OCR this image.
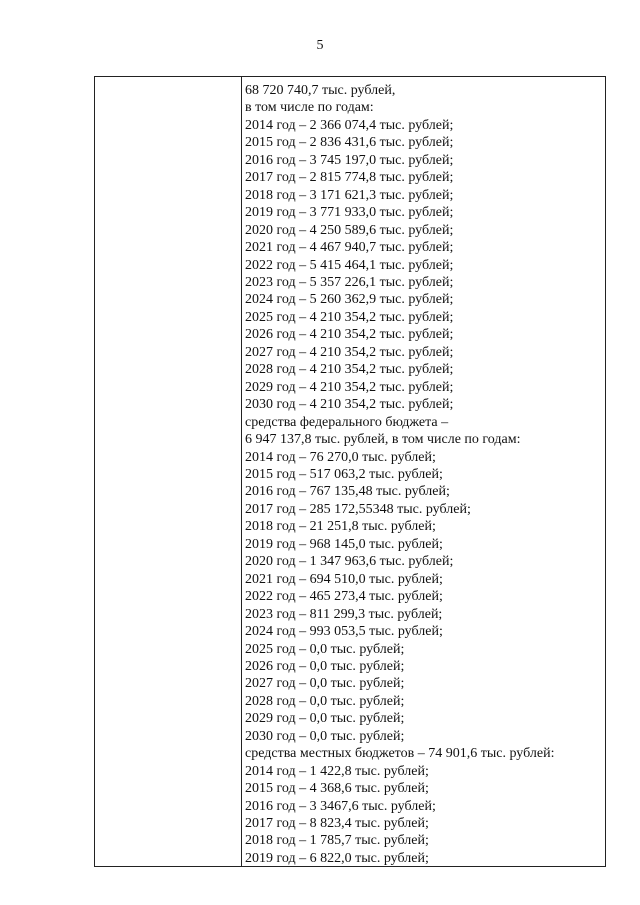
5
68 720 740,7 тыс. рублей,
в том числе по годам:
2014 год – 2 366 074,4 тыс. рублей;
2015 год – 2 836 431,6 тыс. рублей;
2016 год – 3 745 197,0 тыс. рублей;
2017 год – 2 815 774,8 тыс. рублей;
2018 год – 3 171 621,3 тыс. рублей;
2019 год – 3 771 933,0 тыс. рублей;
2020 год – 4 250 589,6 тыс. рублей;
2021 год – 4 467 940,7 тыс. рублей;
2022 год – 5 415 464,1 тыс. рублей;
2023 год – 5 357 226,1 тыс. рублей;
2024 год – 5 260 362,9 тыс. рублей;
2025 год – 4 210 354,2 тыс. рублей;
2026 год – 4 210 354,2 тыс. рублей;
2027 год – 4 210 354,2 тыс. рублей;
2028 год – 4 210 354,2 тыс. рублей;
2029 год – 4 210 354,2 тыс. рублей;
2030 год – 4 210 354,2 тыс. рублей;
средства федерального бюджета –
6 947 137,8 тыс. рублей, в том числе по годам:
2014 год – 76 270,0 тыс. рублей;
2015 год – 517 063,2 тыс. рублей;
2016 год – 767 135,48 тыс. рублей;
2017 год – 285 172,55348 тыс. рублей;
2018 год – 21 251,8 тыс. рублей;
2019 год – 968 145,0 тыс. рублей;
2020 год – 1 347 963,6 тыс. рублей;
2021 год – 694 510,0 тыс. рублей;
2022 год – 465 273,4 тыс. рублей;
2023 год – 811 299,3 тыс. рублей;
2024 год – 993 053,5 тыс. рублей;
2025 год – 0,0 тыс. рублей;
2026 год – 0,0 тыс. рублей;
2027 год – 0,0 тыс. рублей;
2028 год – 0,0 тыс. рублей;
2029 год – 0,0 тыс. рублей;
2030 год – 0,0 тыс. рублей;
средства местных бюджетов – 74 901,6 тыс. рублей:
2014 год – 1 422,8 тыс. рублей;
2015 год – 4 368,6 тыс. рублей;
2016 год – 3 3467,6 тыс. рублей;
2017 год – 8 823,4 тыс. рублей;
2018 год – 1 785,7 тыс. рублей;
2019 год – 6 822,0 тыс. рублей;
